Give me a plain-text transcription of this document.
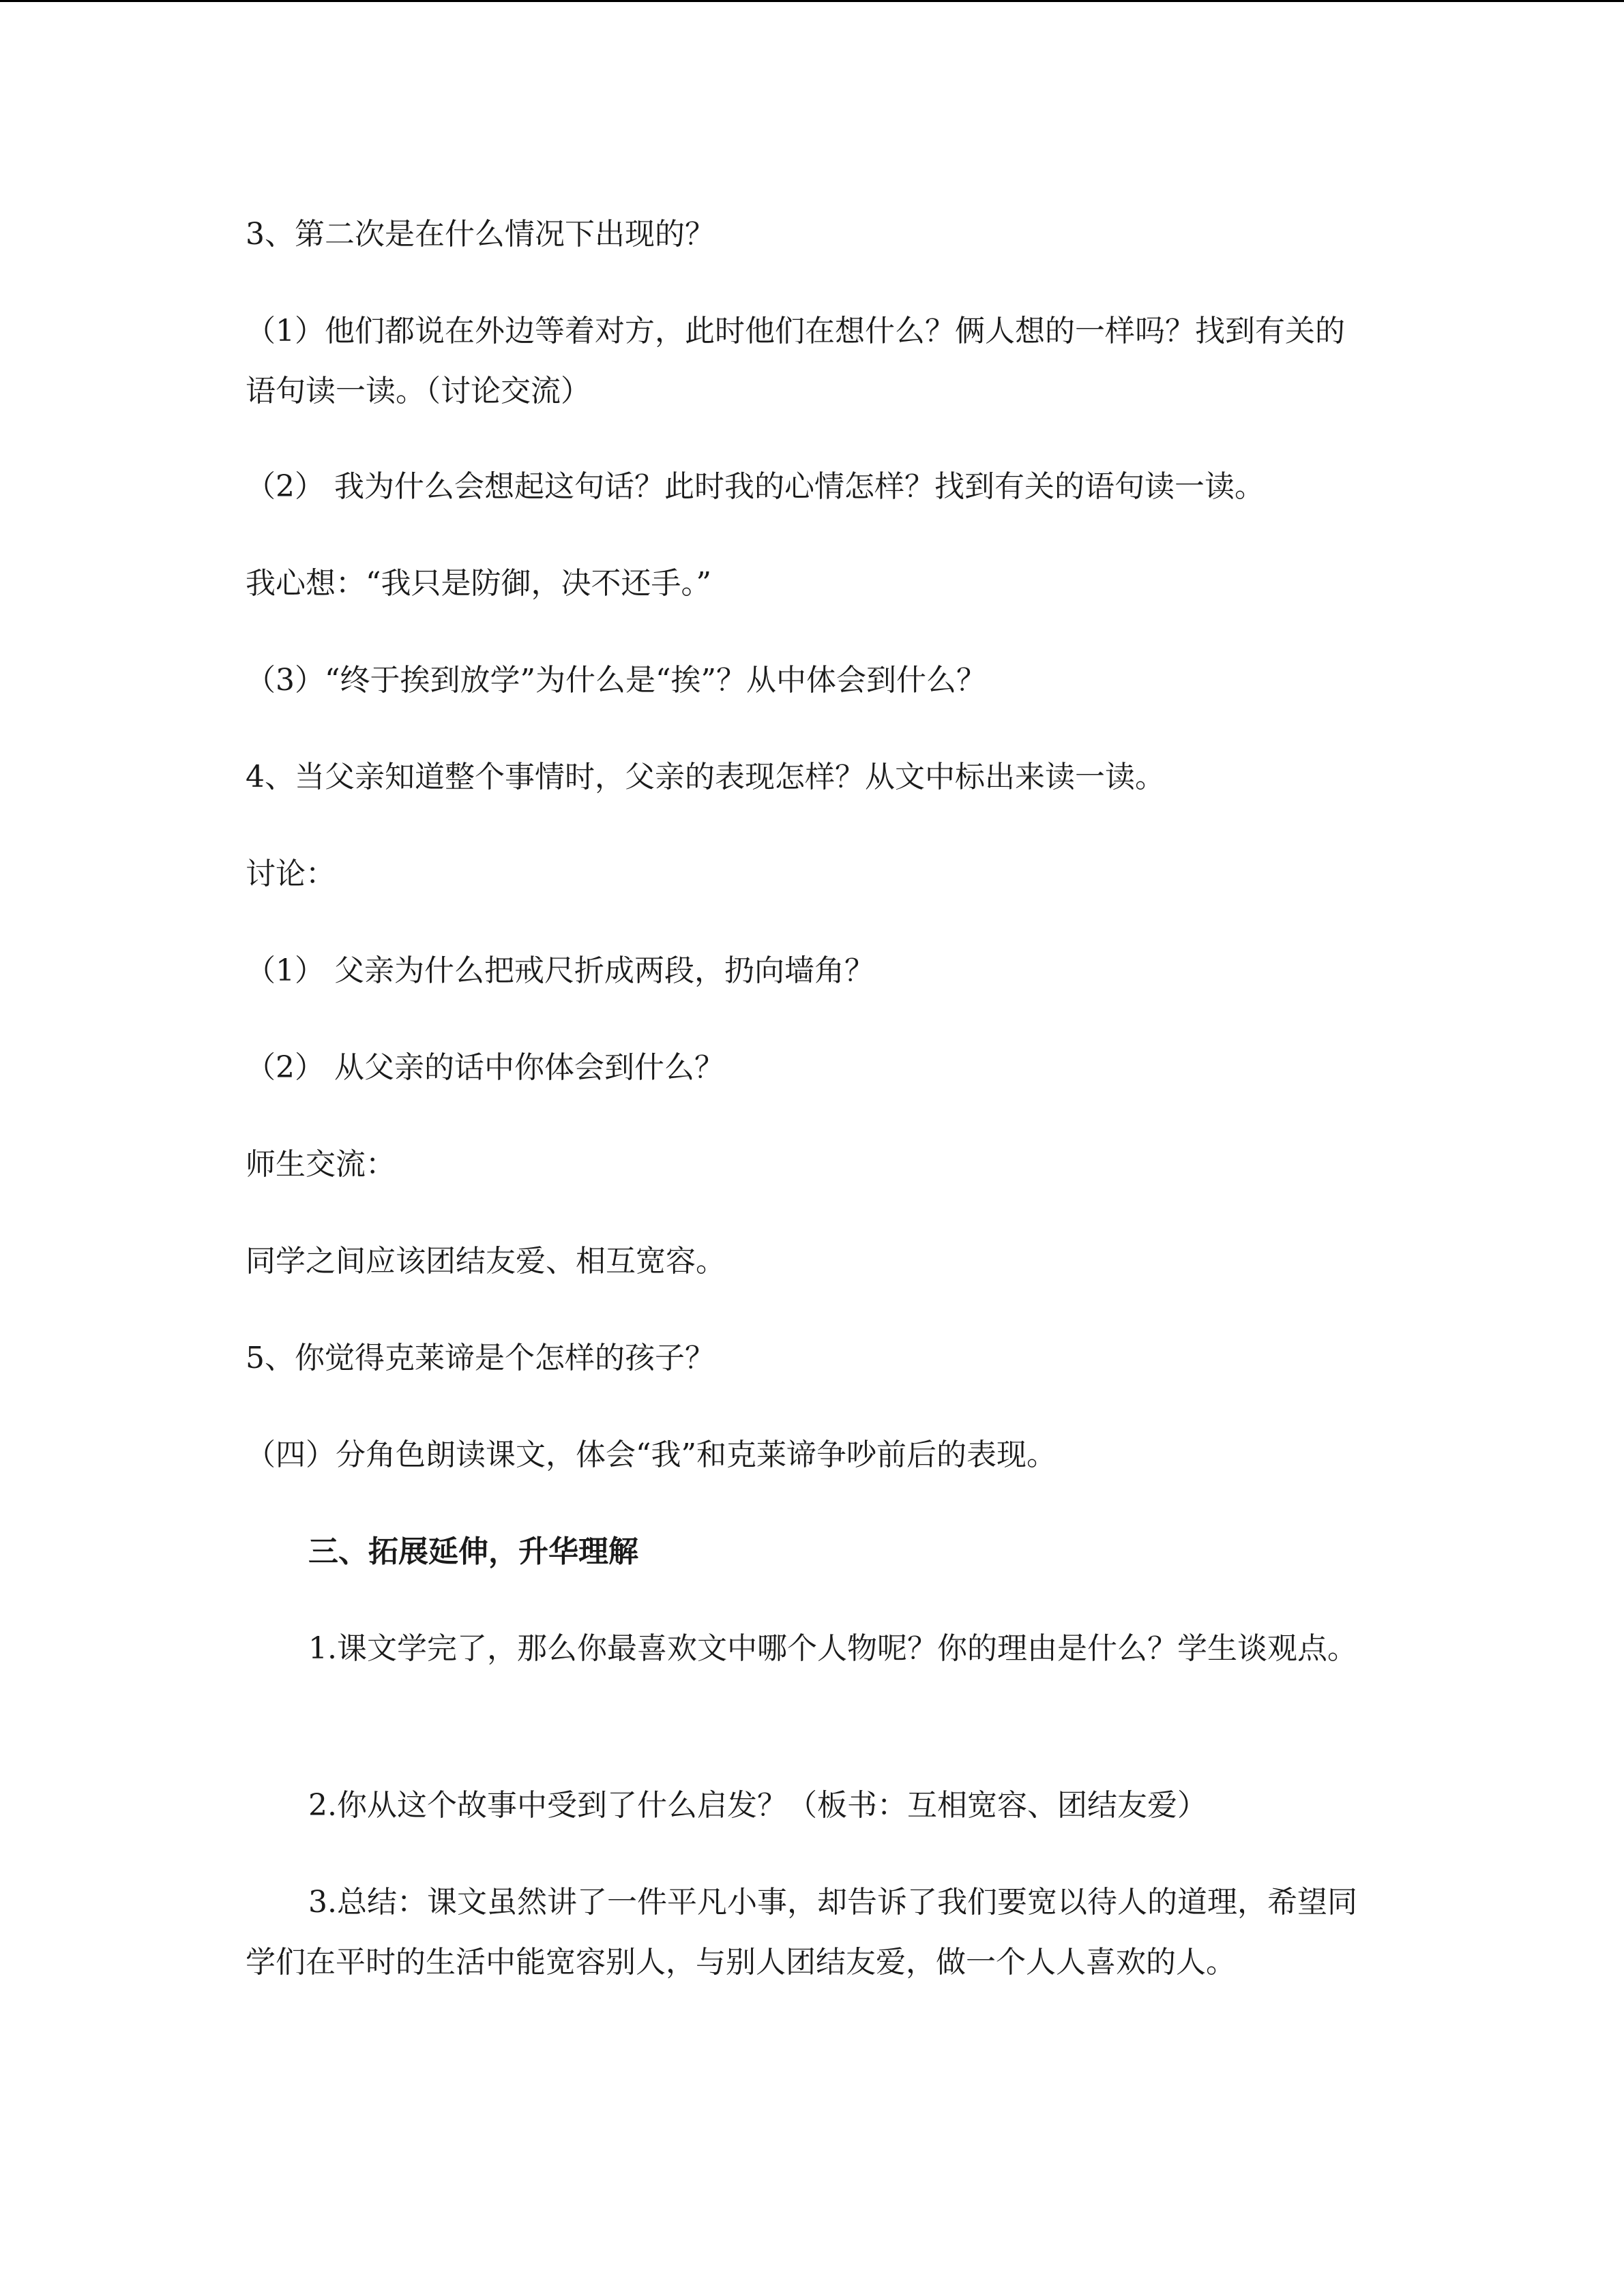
3、第二次是在什么情况下出现的？
（1）他们都说在外边等着对方，此时他们在想什么？俩人想的一样吗？找到有关的语句读一读。（讨论交流）
（2） 我为什么会想起这句话？此时我的心情怎样？找到有关的语句读一读。
我心想：“我只是防御，决不还手。”
（3）“终于挨到放学”为什么是“挨”？从中体会到什么？
4、当父亲知道整个事情时，父亲的表现怎样？从文中标出来读一读。
讨论：
（1） 父亲为什么把戒尺折成两段，扔向墙角？
（2） 从父亲的话中你体会到什么？
师生交流：
同学之间应该团结友爱、相互宽容。
5、你觉得克莱谛是个怎样的孩子？
（四）分角色朗读课文，体会“我”和克莱谛争吵前后的表现。
三、拓展延伸，升华理解
1.课文学完了，那么你最喜欢文中哪个人物呢？你的理由是什么？学生谈观点。
2.你从这个故事中受到了什么启发？（板书：互相宽容、团结友爱）
3.总结：课文虽然讲了一件平凡小事，却告诉了我们要宽以待人的道理，希望同学们在平时的生活中能宽容别人，与别人团结友爱，做一个人人喜欢的人。
